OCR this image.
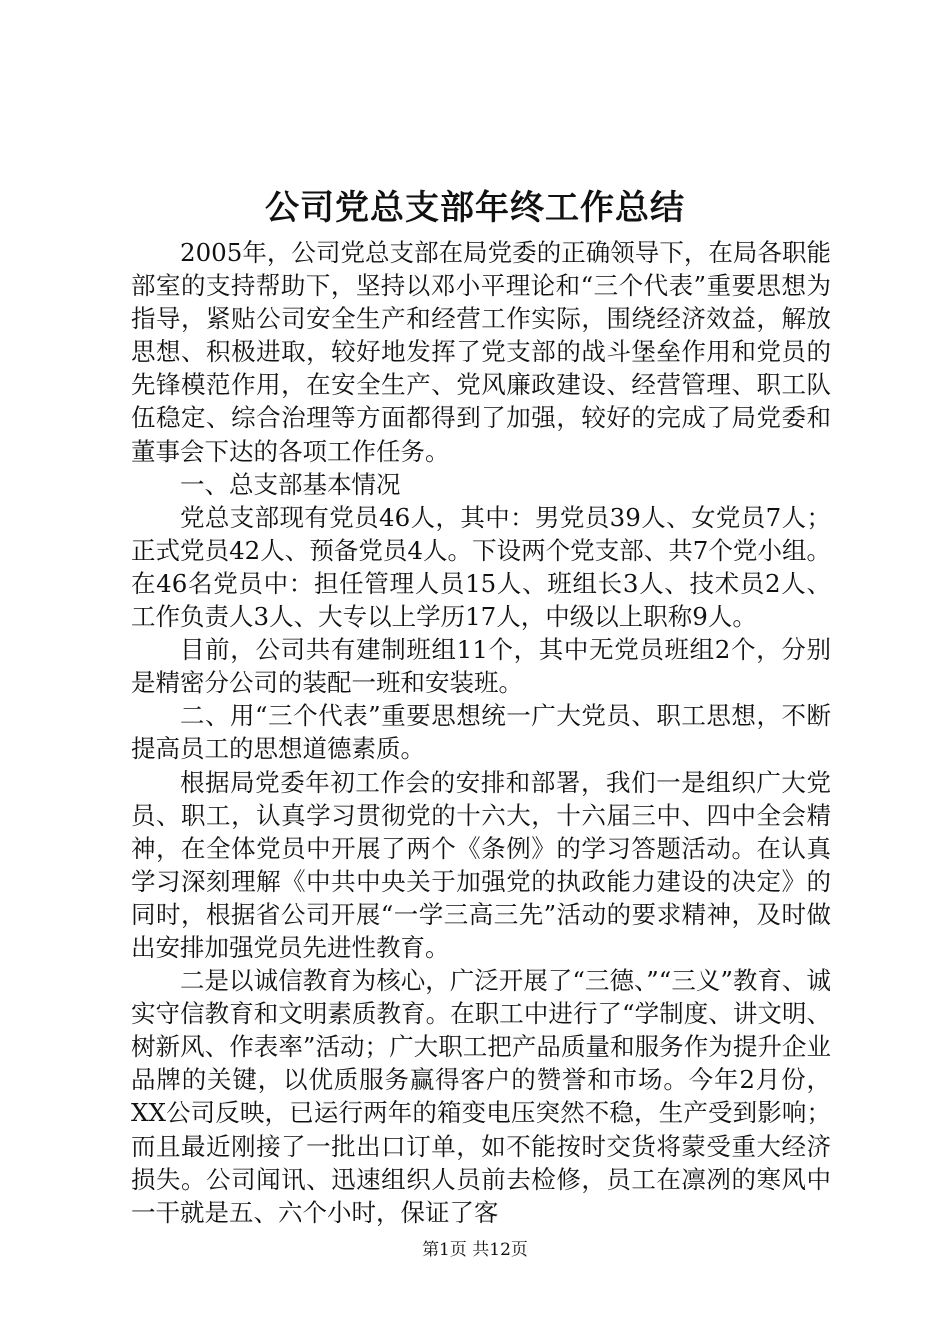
公司党总支部年终工作总结

2005年，公司党总支部在局党委的正确领导下，在局各职能部室的支持帮助下，坚持以邓小平理论和“三个代表”重要思想为指导，紧贴公司安全生产和经营工作实际，围绕经济效益，解放思想、积极进取，较好地发挥了党支部的战斗堡垒作用和党员的先锋模范作用，在安全生产、党风廉政建设、经营管理、职工队伍稳定、综合治理等方面都得到了加强，较好的完成了局党委和董事会下达的各项工作任务。

一、总支部基本情况

党总支部现有党员46人，其中：男党员39人、女党员7人；正式党员42人、预备党员4人。下设两个党支部、共7个党小组。在46名党员中：担任管理人员15人、班组长3人、技术员2人、工作负责人3人、大专以上学历17人，中级以上职称9人。

目前，公司共有建制班组11个，其中无党员班组2个，分别是精密分公司的装配一班和安装班。

二、用“三个代表”重要思想统一广大党员、职工思想，不断提高员工的思想道德素质。

根据局党委年初工作会的安排和部署，我们一是组织广大党员、职工，认真学习贯彻党的十六大，十六届三中、四中全会精神，在全体党员中开展了两个《条例》的学习答题活动。在认真学习深刻理解《中共中央关于加强党的执政能力建设的决定》的同时，根据省公司开展“一学三高三先”活动的要求精神，及时做出安排加强党员先进性教育。

二是以诚信教育为核心，广泛开展了“三德、”“三义”教育、诚实守信教育和文明素质教育。在职工中进行了“学制度、讲文明、树新风、作表率”活动；广大职工把产品质量和服务作为提升企业品牌的关键，以优质服务赢得客户的赞誉和市场。今年2月份，XX公司反映，已运行两年的箱变电压突然不稳，生产受到影响；而且最近刚接了一批出口订单，如不能按时交货将蒙受重大经济损失。公司闻讯、迅速组织人员前去检修，员工在凛冽的寒风中一干就是五、六个小时，保证了客

第1页 共12页
